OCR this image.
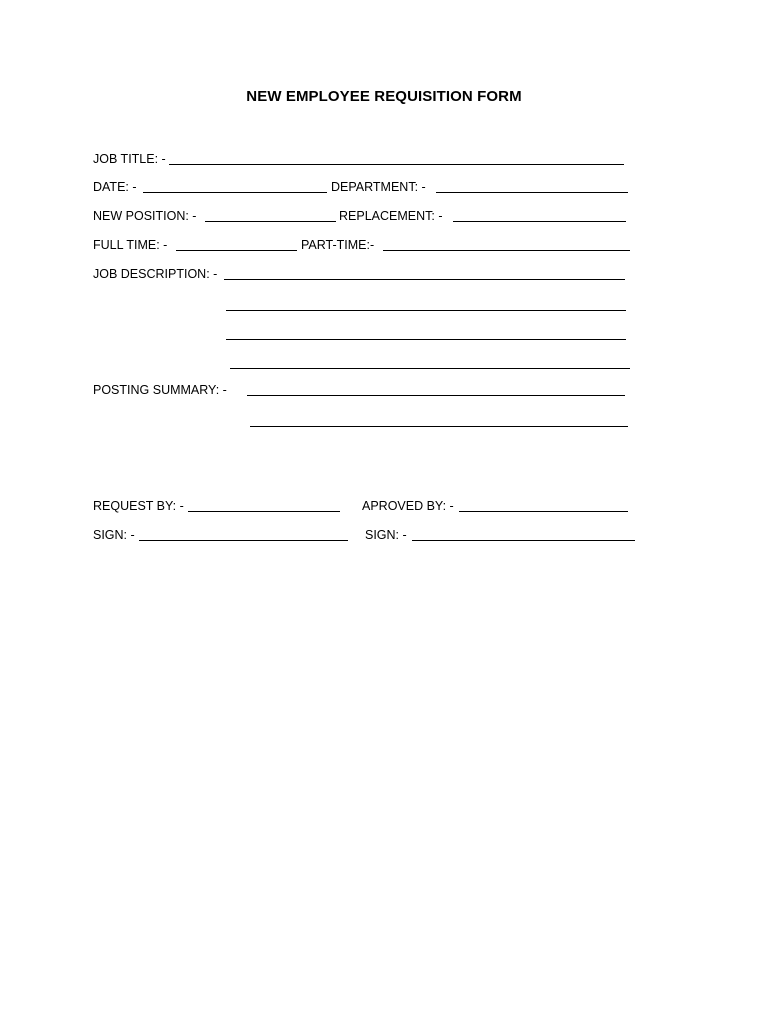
NEW EMPLOYEE REQUISITION FORM
JOB TITLE: -
DATE: -	DEPARTMENT: -
NEW POSITION: -	REPLACEMENT: -
FULL TIME: -	PART-TIME:-
JOB DESCRIPTION: -
POSTING SUMMARY: -
REQUEST BY: -	APROVED BY: -
SIGN: -	SIGN: -
